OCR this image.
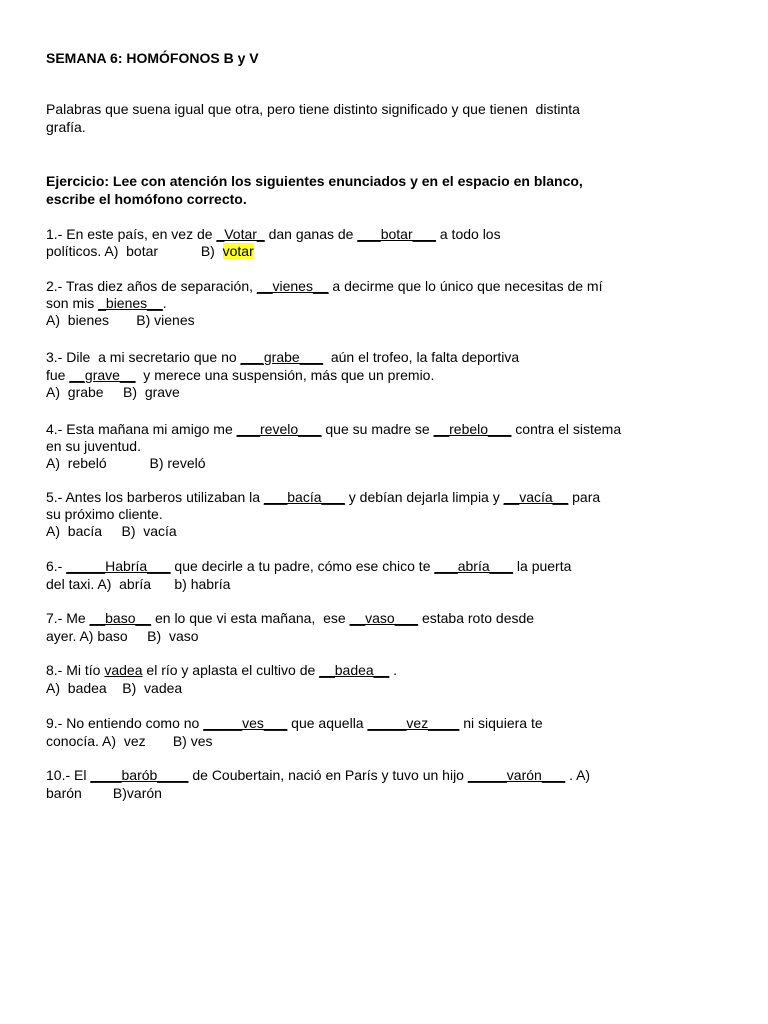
SEMANA 6: HOMÓFONOS B y V
Palabras que suena igual que otra, pero tiene distinto significado y que tienen  distinta
grafía.
Ejercicio: Lee con atención los siguientes enunciados y en el espacio en blanco,
escribe el homófono correcto.
1.- En este país, en vez de _Votar_ dan ganas de ___botar___ a todo los
políticos. A)  botar           B)  votar
2.- Tras diez años de separación, __vienes__ a decirme que lo único que necesitas de mí
son mis _bienes__.
A)  bienes       B) vienes
3.- Dile  a mi secretario que no ___grabe___  aún el trofeo, la falta deportiva
fue __grave__  y merece una suspensión, más que un premio.
A)  grabe     B)  grave
4.- Esta mañana mi amigo me ___revelo___ que su madre se __rebelo___ contra el sistema
en su juventud.
A)  rebeló           B) reveló
5.- Antes los barberos utilizaban la ___bacía___ y debían dejarla limpia y __vacía__ para
su próximo cliente.
A)  bacía     B)  vacía
6.- _____Habría___ que decirle a tu padre, cómo ese chico te ___abría___ la puerta
del taxi. A)  abría      b) habría
7.- Me __baso__ en lo que vi esta mañana,  ese __vaso___ estaba roto desde
ayer. A) baso     B)  vaso
8.- Mi tío vadea el río y aplasta el cultivo de __badea__ .
A)  badea    B)  vadea
9.- No entiendo como no _____ves___ que aquella _____vez____ ni siquiera te
conocía. A)  vez       B) ves
10.- El ____barób____ de Coubertain, nació en París y tuvo un hijo _____varón___ . A)
barón        B)varón
